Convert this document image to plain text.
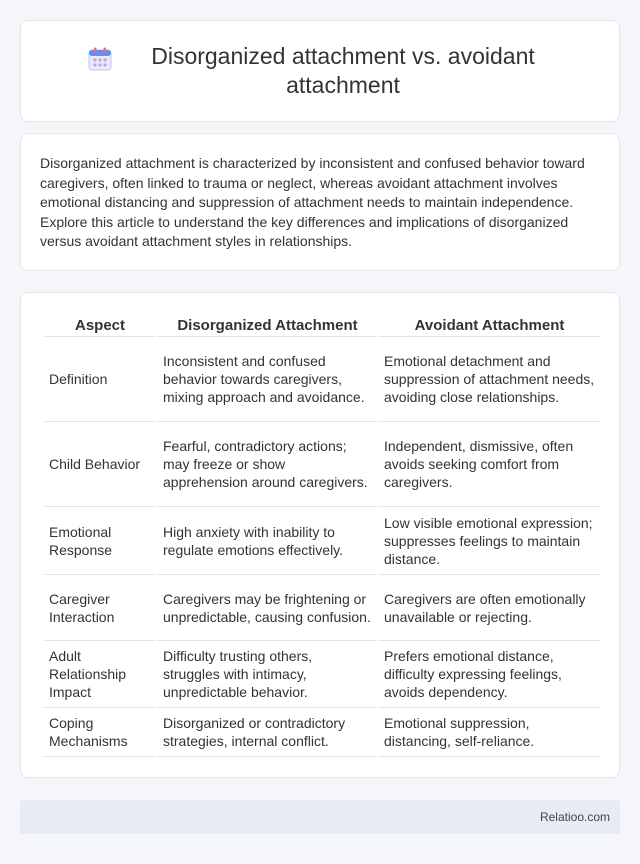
Disorganized attachment vs. avoidant attachment

Disorganized attachment is characterized by inconsistent and confused behavior toward caregivers, often linked to trauma or neglect, whereas avoidant attachment involves emotional distancing and suppression of attachment needs to maintain independence. Explore this article to understand the key differences and implications of disorganized versus avoidant attachment styles in relationships.

Aspect	Disorganized Attachment	Avoidant Attachment
Definition	Inconsistent and confused behavior towards caregivers, mixing approach and avoidance.	Emotional detachment and suppression of attachment needs, avoiding close relationships.
Child Behavior	Fearful, contradictory actions; may freeze or show apprehension around caregivers.	Independent, dismissive, often avoids seeking comfort from caregivers.
Emotional Response	High anxiety with inability to regulate emotions effectively.	Low visible emotional expression; suppresses feelings to maintain distance.
Caregiver Interaction	Caregivers may be frightening or unpredictable, causing confusion.	Caregivers are often emotionally unavailable or rejecting.
Adult Relationship Impact	Difficulty trusting others, struggles with intimacy, unpredictable behavior.	Prefers emotional distance, difficulty expressing feelings, avoids dependency.
Coping Mechanisms	Disorganized or contradictory strategies, internal conflict.	Emotional suppression, distancing, self-reliance.
Relatioo.com
